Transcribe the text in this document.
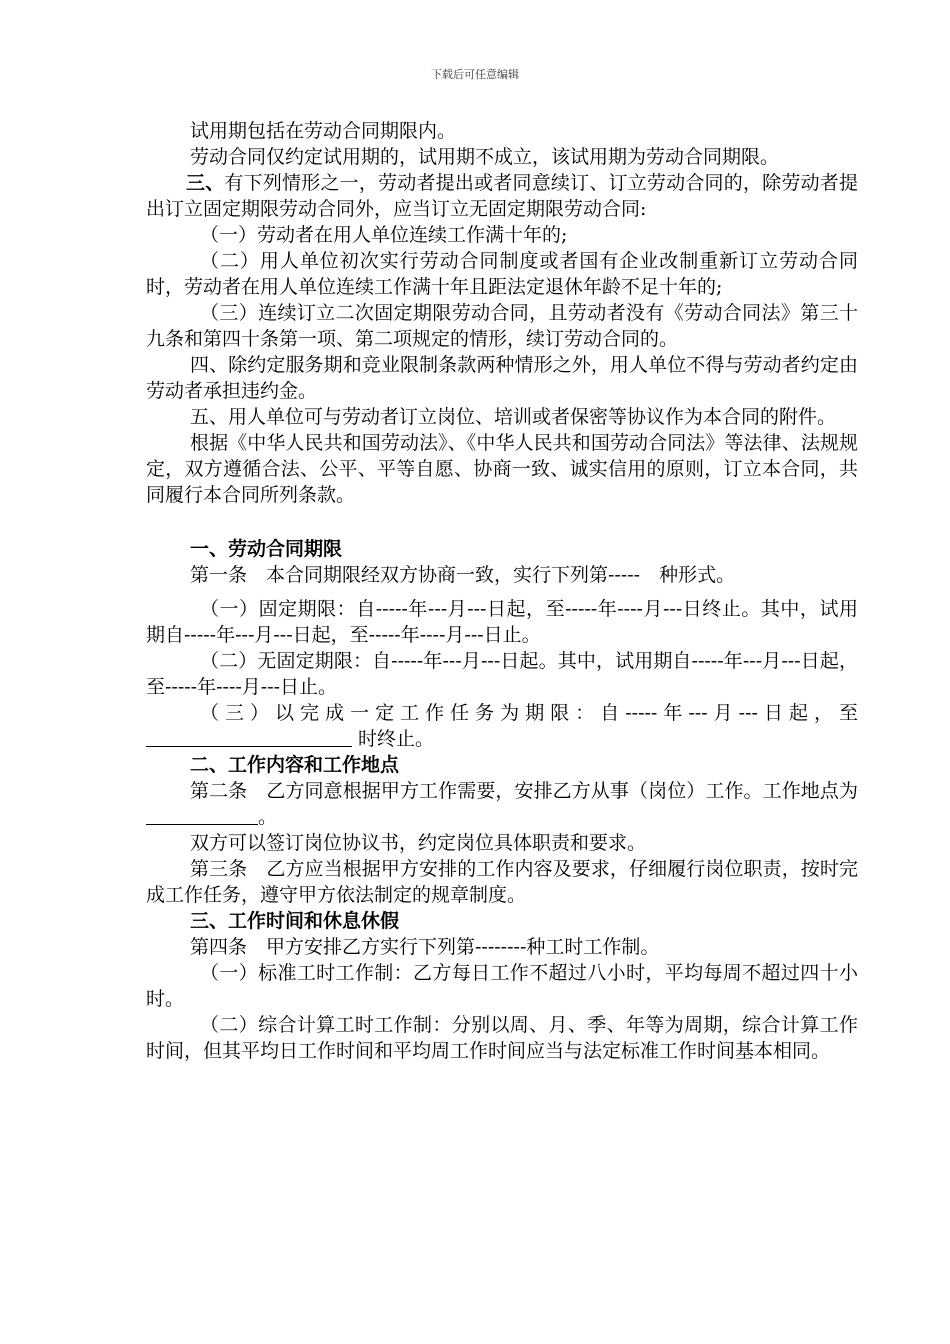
下载后可任意编辑

试用期包括在劳动合同期限内。

劳动合同仅约定试用期的，试用期不成立，该试用期为劳动合同期限。

三、有下列情形之一，劳动者提出或者同意续订、订立劳动合同的，除劳动者提出订立固定期限劳动合同外，应当订立无固定期限劳动合同:

（一）劳动者在用人单位连续工作满十年的;

（二）用人单位初次实行劳动合同制度或者国有企业改制重新订立劳动合同时，劳动者在用人单位连续工作满十年且距法定退休年龄不足十年的;

（三）连续订立二次固定期限劳动合同，且劳动者没有《劳动合同法》第三十九条和第四十条第一项、第二项规定的情形，续订劳动合同的。

四、除约定服务期和竞业限制条款两种情形之外，用人单位不得与劳动者约定由劳动者承担违约金。

五、用人单位可与劳动者订立岗位、培训或者保密等协议作为本合同的附件。

根据《中华人民共和国劳动法》、《中华人民共和国劳动合同法》等法律、法规规定，双方遵循合法、公平、平等自愿、协商一致、诚实信用的原则，订立本合同，共同履行本合同所列条款。

一、劳动合同期限

第一条　本合同期限经双方协商一致，实行下列第-----　种形式。

（一）固定期限：自-----年---月---日起，至-----年----月---日终止。其中，试用期自-----年---月---日起，至-----年----月---日止。

（二）无固定期限：自-----年---月---日起。其中，试用期自-----年---月---日起，至-----年----月---日止。

（三）以完成一定工作任务为期限：自-----年---月---日起，至 时终止。

二、工作内容和工作地点

第二条　乙方同意根据甲方工作需要，安排乙方从事（岗位）工作。工作地点为。

双方可以签订岗位协议书，约定岗位具体职责和要求。

第三条　乙方应当根据甲方安排的工作内容及要求，仔细履行岗位职责，按时完成工作任务，遵守甲方依法制定的规章制度。

三、工作时间和休息休假

第四条　甲方安排乙方实行下列第--------种工时工作制。

（一）标准工时工作制：乙方每日工作不超过八小时，平均每周不超过四十小时。

（二）综合计算工时工作制：分别以周、月、季、年等为周期，综合计算工作时间，但其平均日工作时间和平均周工作时间应当与法定标准工作时间基本相同。
